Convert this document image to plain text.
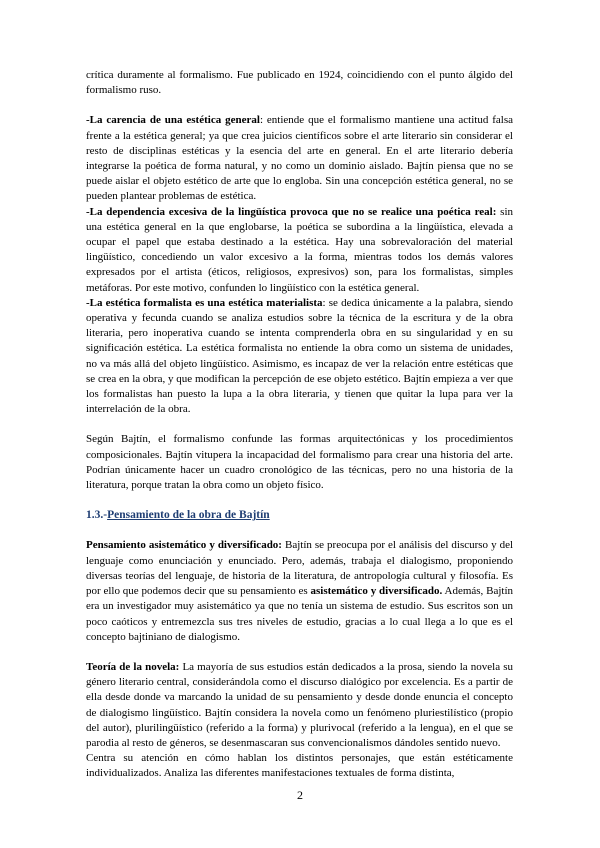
crítica duramente al formalismo. Fue publicado en 1924, coincidiendo con el punto álgido del formalismo ruso.

-La carencia de una estética general: entiende que el formalismo mantiene una actitud falsa frente a la estética general; ya que crea juicios científicos sobre el arte literario sin considerar el resto de disciplinas estéticas y la esencia del arte en general. En el arte literario debería integrarse la poética de forma natural, y no como un dominio aislado. Bajtín piensa que no se puede aislar el objeto estético de arte que lo engloba. Sin una concepción estética general, no se pueden plantear problemas de estética.

-La dependencia excesiva de la lingüística provoca que no se realice una poética real: sin una estética general en la que englobarse, la poética se subordina a la lingüística, elevada a ocupar el papel que estaba destinado a la estética. Hay una sobrevaloración del material lingüístico, concediendo un valor excesivo a la forma, mientras todos los demás valores expresados por el artista (éticos, religiosos, expresivos) son, para los formalistas, simples metáforas. Por este motivo, confunden lo lingüístico con la estética general.

-La estética formalista es una estética materialista: se dedica únicamente a la palabra, siendo operativa y fecunda cuando se analiza estudios sobre la técnica de la escritura y de la obra literaria, pero inoperativa cuando se intenta comprenderla obra en su singularidad y en su significación estética. La estética formalista no entiende la obra como un sistema de unidades, no va más allá del objeto lingüístico. Asimismo, es incapaz de ver la relación entre estéticas que se crea en la obra, y que modifican la percepción de ese objeto estético. Bajtín empieza a ver que los formalistas han puesto la lupa a la obra literaria, y tienen que quitar la lupa para ver la interrelación de la obra.

Según Bajtín, el formalismo confunde las formas arquitectónicas y los procedimientos composicionales. Bajtín vitupera la incapacidad del formalismo para crear una historia del arte. Podrían únicamente hacer un cuadro cronológico de las técnicas, pero no una historia de la literatura, porque tratan la obra como un objeto físico.

1.3.-Pensamiento de la obra de Bajtín

Pensamiento asistemático y diversificado: Bajtín se preocupa por el análisis del discurso y del lenguaje como enunciación y enunciado. Pero, además, trabaja el dialogismo, proponiendo diversas teorías del lenguaje, de historia de la literatura, de antropología cultural y filosofía. Es por ello que podemos decir que su pensamiento es asistemático y diversificado. Además, Bajtín era un investigador muy asistemático ya que no tenía un sistema de estudio. Sus escritos son un poco caóticos y entremezcla sus tres niveles de estudio, gracias a lo cual llega a lo que es el concepto bajtiniano de dialogismo.

Teoría de la novela: La mayoría de sus estudios están dedicados a la prosa, siendo la novela su género literario central, considerándola como el discurso dialógico por excelencia. Es a partir de ella desde donde va marcando la unidad de su pensamiento y desde donde enuncia el concepto de dialogismo lingüístico. Bajtín considera la novela como un fenómeno pluriestilístico (propio del autor), plurilingüístico (referido a la forma) y plurivocal (referido a la lengua), en el que se parodia al resto de géneros, se desenmascaran sus convencionalismos dándoles sentido nuevo.

Centra su atención en cómo hablan los distintos personajes, que están estéticamente individualizados. Analiza las diferentes manifestaciones textuales de forma distinta,

2
